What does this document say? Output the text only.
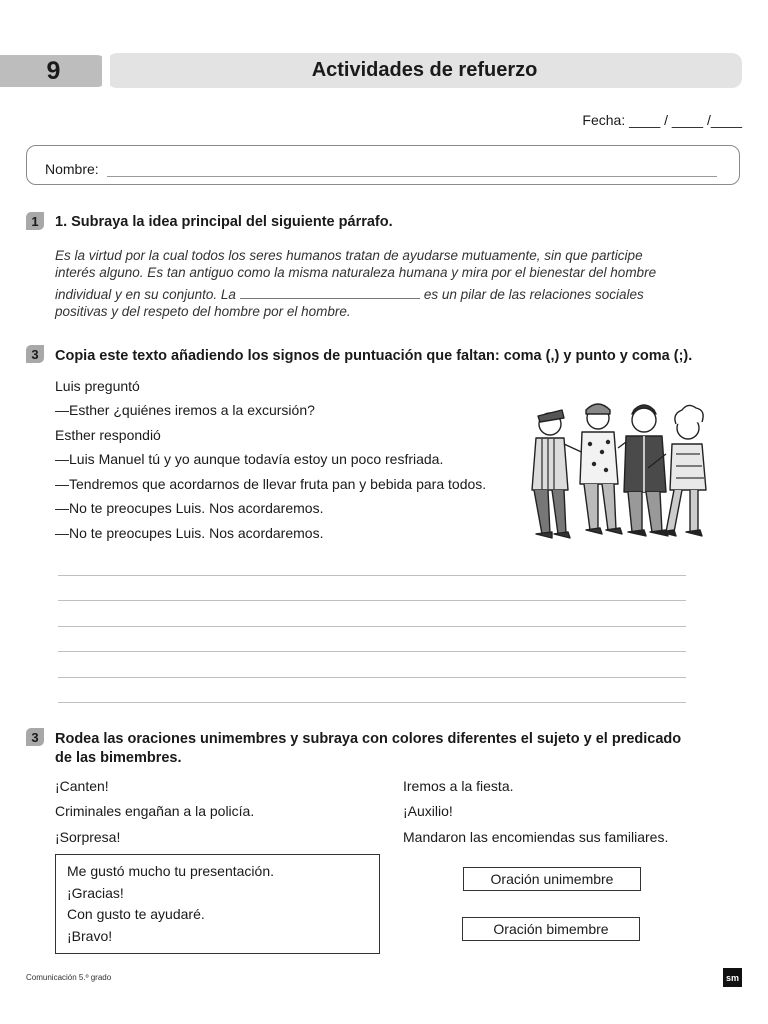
9	Actividades de refuerzo
Fecha: ____ / ____ /____
Nombre:
1	1. Subraya la idea principal del siguiente párrafo.
Es la virtud por la cual todos los seres humanos tratan de ayudarse mutuamente, sin que participe
interés alguno. Es tan antiguo como la misma naturaleza humana y mira por el bienestar del hombre
individual y en su conjunto. La	es un pilar de las relaciones sociales
positivas y del respeto del hombre por el hombre.
3	Copia este texto añadiendo los signos de puntuación que faltan: coma (,) y punto y coma (;).
Luis preguntó
—Esther ¿quiénes iremos a la excursión?
Esther respondió
—Luis Manuel tú y yo aunque todavía estoy un poco resfriada.
—Tendremos que acordarnos de llevar fruta pan y bebida para todos.
—No te preocupes Luis. Nos acordaremos.
—No te preocupes Luis. Nos acordaremos.
3	Rodea las oraciones unimembres y subraya con colores diferentes el sujeto y el predicado
de las bimembres.
¡Canten!
Criminales engañan a la policía.
¡Sorpresa!
Iremos a la fiesta.
¡Auxilio!
Mandaron las encomiendas sus familiares.
Me gustó mucho tu presentación.
¡Gracias!
Con gusto te ayudaré.
¡Bravo!
Oración unimembre
Oración bimembre
Comunicación 5.º grado	sm
